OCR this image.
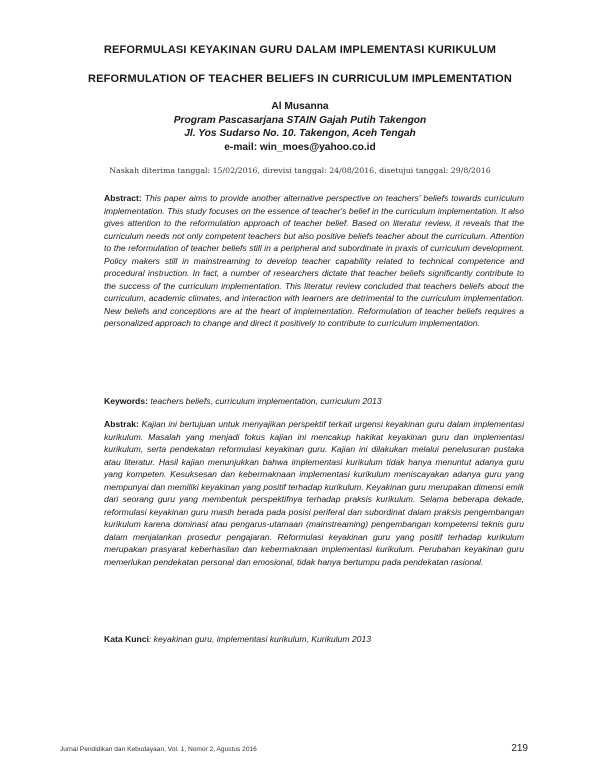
REFORMULASI KEYAKINAN GURU DALAM IMPLEMENTASI KURIKULUM
REFORMULATION OF TEACHER BELIEFS IN CURRICULUM IMPLEMENTATION
Al Musanna
Program Pascasarjana STAIN Gajah Putih Takengon
Jl. Yos Sudarso No. 10. Takengon, Aceh Tengah
e-mail: win_moes@yahoo.co.id
Naskah diterima tanggal: 15/02/2016, direvisi tanggal: 24/08/2016, disetujui tanggal: 29/8/2016

Abstract: This paper aims to provide another alternative perspective on teachers' beliefs towards curriculum implementation. This study focuses on the essence of teacher's belief in the curriculum implementation. It also gives attention to the reformulation approach of teacher belief. Based on literatur review, it reveals that the curriculum needs not only competent teachers but also positive beliefs teacher about the curriculum. Attention to the reformulation of teacher beliefs still in a peripheral and subordinate in praxis of curriculum development. Policy makers still in mainstreaming to develop teacher capability related to technical competence and procedural instruction. In fact, a number of researchers dictate that teacher beliefs significantly contribute to the success of the curriculum implementation. This literatur review concluded that teachers beliefs about the curriculum, academic climates, and interaction with learners are detrimental to the curriculum implementation. New beliefs and conceptions are at the heart of implementation. Reformulation of teacher beliefs requires a personalized approach to change and direct it positively to contribute to curriculum implementation.

Keywords: teachers beliefs, curriculum implementation, curriculum 2013

Abstrak: Kajian ini bertujuan untuk menyajikan perspektif terkait urgensi keyakinan guru dalam implementasi kurikulum. Masalah yang menjadi fokus kajian ini mencakup hakikat keyakinan guru dan implementasi kurikulum, serta pendekatan reformulasi keyakinan guru. Kajian ini dilakukan melalui penelusuran pustaka atau literatur. Hasil kajian menunjukkan bahwa implementasi kurikulum tidak hanya menuntut adanya guru yang kompeten. Kesuksesan dan kebermaknaan implementasi kurikulum meniscayakan adanya guru yang mempunyai dan memiliki keyakinan yang positif terhadap kurikulum. Keyakinan guru merupakan dimensi emik dari seorang guru yang membentuk perspektifnya terhadap praksis kurikulum. Selama beberapa dekade, reformulasi keyakinan guru masih berada pada posisi periferal dan subordinat dalam praksis pengembangan kurikulum karena dominasi atau pengarus-utamaan (mainstreaming) pengembangan kompetensi teknis guru dalam menjalankan prosedur pengajaran. Reformulasi keyakinan guru yang positif terhadap kurikulum merupakan prasyarat keberhasilan dan kebermaknaan implementasi kurikulum. Perubahan keyakinan guru memerlukan pendekatan personal dan emosional, tidak hanya bertumpu pada pendekatan rasional.

Kata Kunci: keyakinan guru, implementasi kurikulum, Kurikulum 2013
Jurnal Pendidikan dan Kebudayaan, Vol. 1, Nomor 2, Agustus 2016	219
